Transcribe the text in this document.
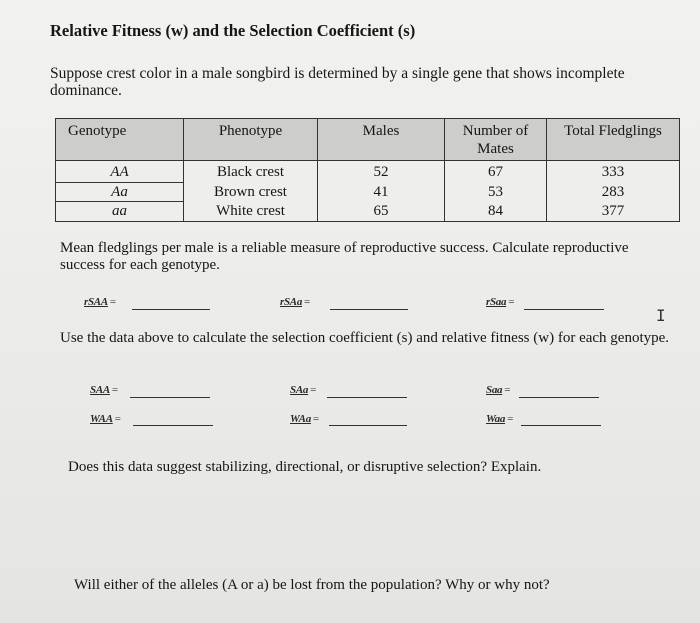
Relative Fitness (w) and the Selection Coefficient (s)
Suppose crest color in a male songbird is determined by a single gene that shows incomplete dominance.
Genotype	Phenotype	Males	Number of Mates	Total Fledglings
AA	Black crest	52	67	333
Aa	Brown crest	41	53	283
aa	White crest	65	84	377
Mean fledglings per male is a reliable measure of reproductive success. Calculate reproductive success for each genotype.
rSAA =	rSAa =	rSaa =
I
Use the data above to calculate the selection coefficient (s) and relative fitness (w) for each genotype.
SAA =	SAa =	Saa =
WAA =	WAa =	Waa =
Does this data suggest stabilizing, directional, or disruptive selection? Explain.
Will either of the alleles (A or a) be lost from the population? Why or why not?
